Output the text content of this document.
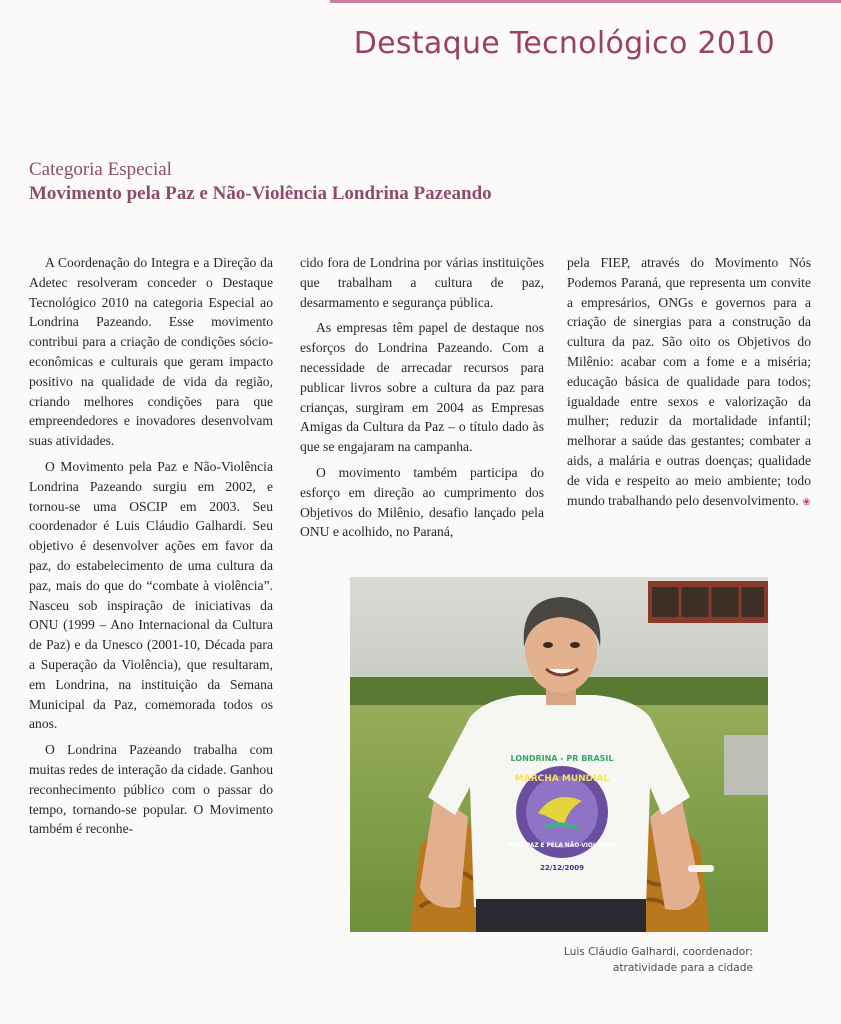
Destaque Tecnológico 2010
Categoria Especial
Movimento pela Paz e Não-Violência Londrina Pazeando

A Coordenação do Integra e a Direção da Adetec resolveram conceder o Destaque Tecnológico 2010 na categoria Especial ao Londrina Pazeando. Esse movimento contribui para a criação de condições sócio-econômicas e culturais que geram impacto positivo na qualidade de vida da região, criando melhores condições para que empreendedores e inovadores desenvolvam suas atividades.

O Movimento pela Paz e Não-Violência Londrina Pazeando surgiu em 2002, e tornou-se uma OSCIP em 2003. Seu coordenador é Luis Cláudio Galhardi. Seu objetivo é desenvolver ações em favor da paz, do estabelecimento de uma cultura da paz, mais do que do “combate à violência”. Nasceu sob inspiração de iniciativas da ONU (1999 – Ano Internacional da Cultura de Paz) e da Unesco (2001-10, Década para a Superação da Violência), que resultaram, em Londrina, na instituição da Semana Municipal da Paz, comemorada todos os anos.

O Londrina Pazeando trabalha com muitas redes de interação da cidade. Ganhou reconhecimento público com o passar do tempo, tornando-se popular. O Movimento também é reconhe-

cido fora de Londrina por várias instituições que trabalham a cultura de paz, desarmamento e segurança pública.

As empresas têm papel de destaque nos esforços do Londrina Pazeando. Com a necessidade de arrecadar recursos para publicar livros sobre a cultura da paz para crianças, surgiram em 2004 as Empresas Amigas da Cultura da Paz – o título dado às que se engajaram na campanha.

O movimento também participa do esforço em direção ao cumprimento dos Objetivos do Milênio, desafio lançado pela ONU e acolhido, no Paraná,

pela FIEP, através do Movimento Nós Podemos Paraná, que representa um convite a empresários, ONGs e governos para a criação de sinergias para a construção da cultura da paz. São oito os Objetivos do Milênio: acabar com a fome e a miséria; educação básica de qualidade para todos; igualdade entre sexos e valorização da mulher; reduzir da mortalidade infantil; melhorar a saúde das gestantes; combater a aids, a malária e outras doenças; qualidade de vida e respeito ao meio ambiente; todo mundo trabalhando pelo desenvolvimento. ❀

LONDRINA - PR BRASIL
MARCHA MUNDIAL
PELA PAZ E PELA NÃO-VIOLÊNCIA
22/12/2009
Luis Cláudio Galhardi, coordenador:
atratividade para a cidade
